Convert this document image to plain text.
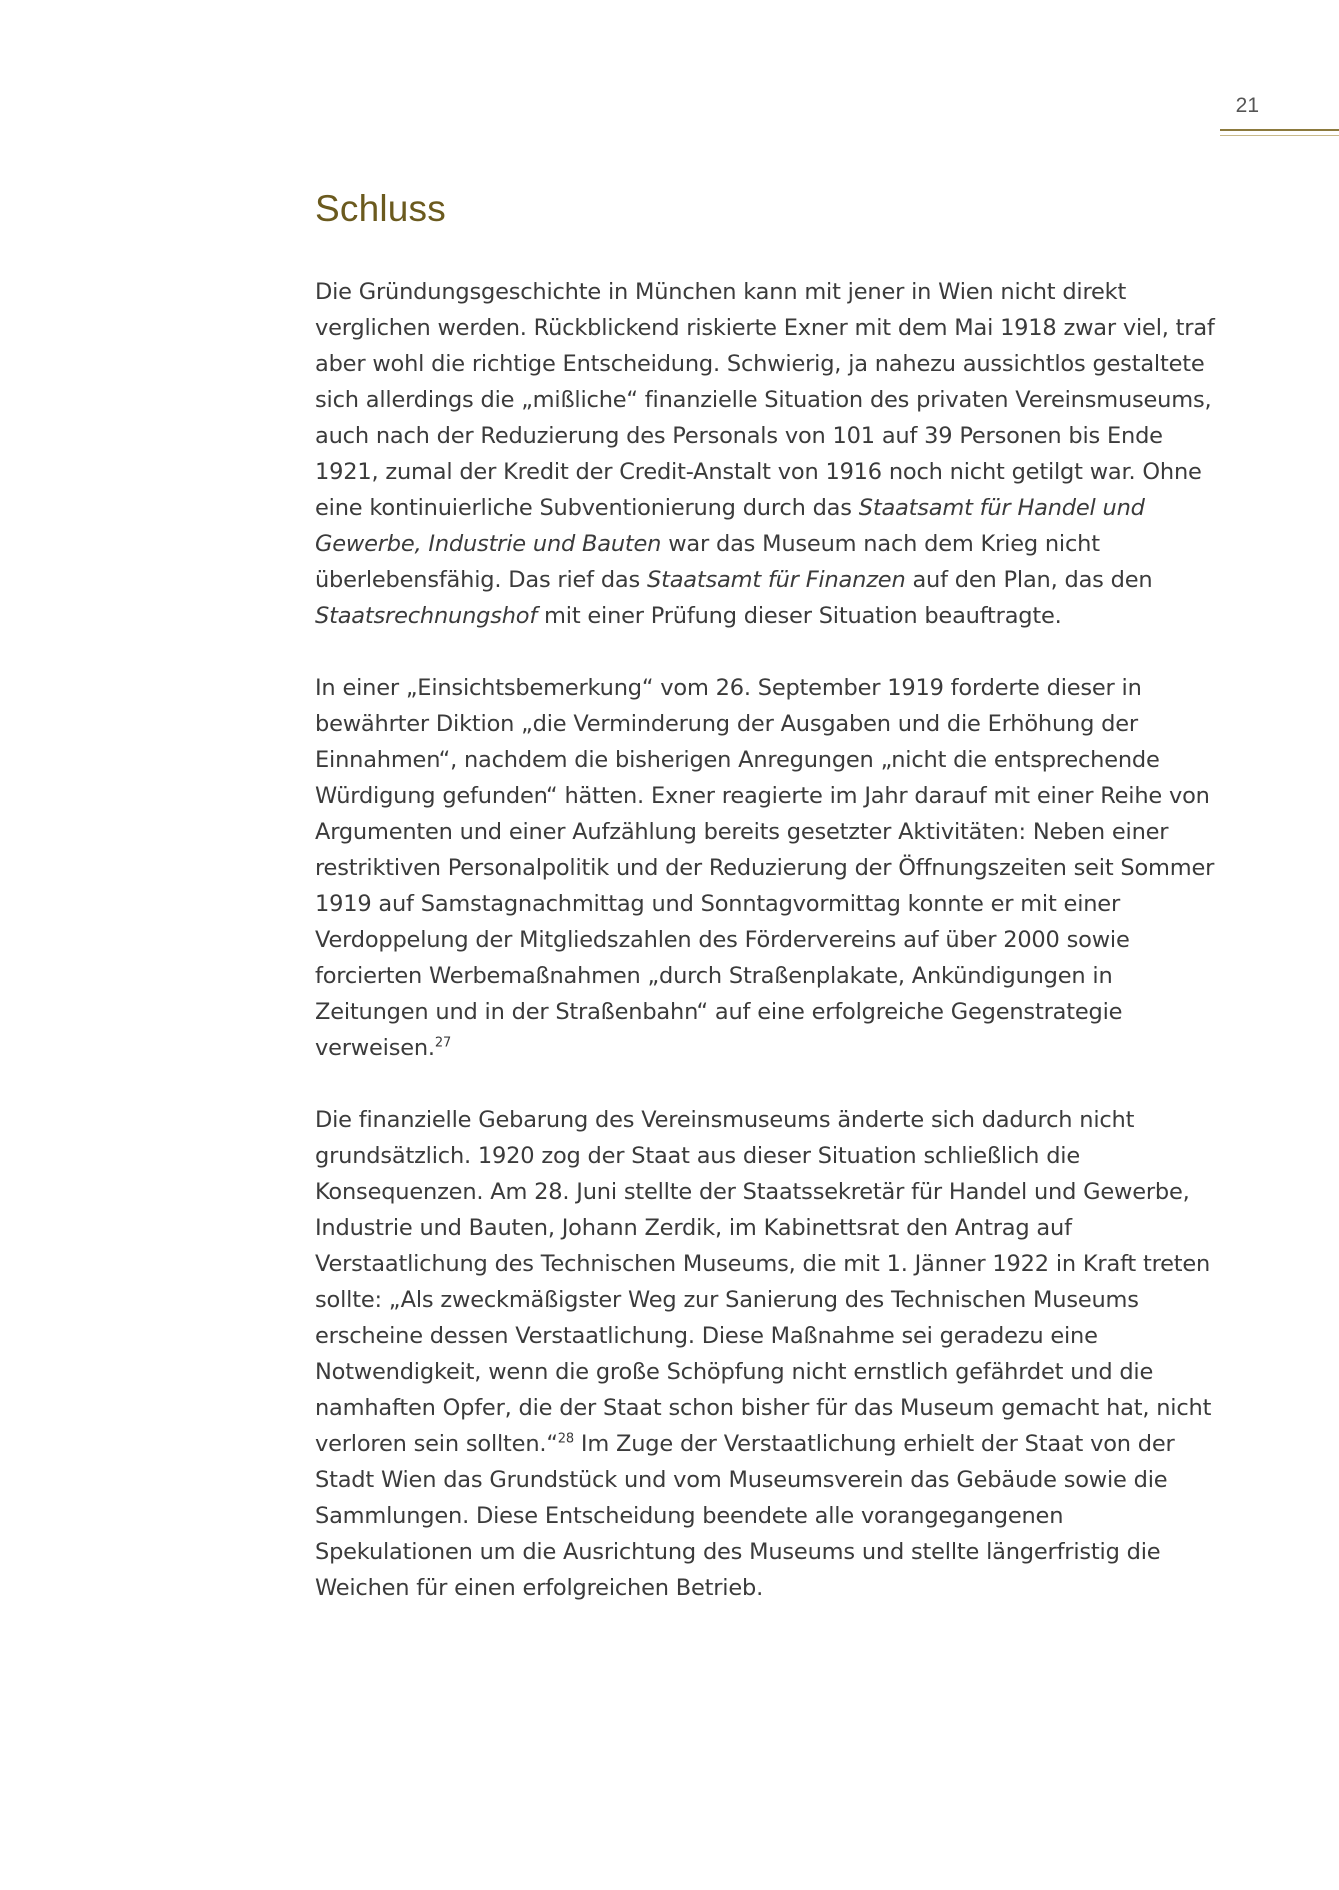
21
Schluss

Die Gründungsgeschichte in München kann mit jener in Wien nicht direkt verglichen werden. Rückblickend riskierte Exner mit dem Mai 1918 zwar viel, traf aber wohl die richtige Entscheidung. Schwierig, ja nahezu aussichtlos gestaltete sich allerdings die „mißliche“ finanzielle Situation des privaten Vereinsmuseums, auch nach der Reduzierung des Personals von 101 auf 39 Personen bis Ende 1921, zumal der Kredit der Credit-Anstalt von 1916 noch nicht getilgt war. Ohne eine kontinuierliche Subventionierung durch das Staatsamt für Handel und Gewerbe, Industrie und Bauten war das Museum nach dem Krieg nicht überlebensfähig. Das rief das Staatsamt für Finanzen auf den Plan, das den Staatsrechnungshof mit einer Prüfung dieser Situation beauftragte.

In einer „Einsichtsbemerkung“ vom 26. September 1919 forderte dieser in bewährter Diktion „die Verminderung der Ausgaben und die Erhöhung der Einnahmen“, nachdem die bisherigen Anregungen „nicht die entsprechende Würdigung gefunden“ hätten. Exner reagierte im Jahr darauf mit einer Reihe von Argumenten und einer Aufzählung bereits gesetzter Aktivitäten: Neben einer restriktiven Personalpolitik und der Reduzierung der Öffnungszeiten seit Sommer 1919 auf Samstagnachmittag und Sonntagvormittag konnte er mit einer Verdoppelung der Mitgliedszahlen des Fördervereins auf über 2000 sowie forcierten Werbemaßnahmen „durch Straßenplakate, Ankündigungen in Zeitungen und in der Straßenbahn“ auf eine erfolgreiche Gegenstrategie verweisen.$^{27}$

Die finanzielle Gebarung des Vereinsmuseums änderte sich dadurch nicht grundsätzlich. 1920 zog der Staat aus dieser Situation schließlich die Konsequenzen. Am 28. Juni stellte der Staatssekretär für Handel und Gewerbe, Industrie und Bauten, Johann Zerdik, im Kabinettsrat den Antrag auf Verstaatlichung des Technischen Museums, die mit 1. Jänner 1922 in Kraft treten sollte: „Als zweckmäßigster Weg zur Sanierung des Technischen Museums erscheine dessen Verstaatlichung. Diese Maßnahme sei geradezu eine Notwendigkeit, wenn die große Schöpfung nicht ernstlich gefährdet und die namhaften Opfer, die der Staat schon bisher für das Museum gemacht hat, nicht verloren sein sollten.“$^{28}$ Im Zuge der Verstaatlichung erhielt der Staat von der Stadt Wien das Grundstück und vom Museumsverein das Gebäude sowie die Sammlungen. Diese Entscheidung beendete alle vorangegangenen Spekulationen um die Ausrichtung des Museums und stellte längerfristig die Weichen für einen erfolgreichen Betrieb.
